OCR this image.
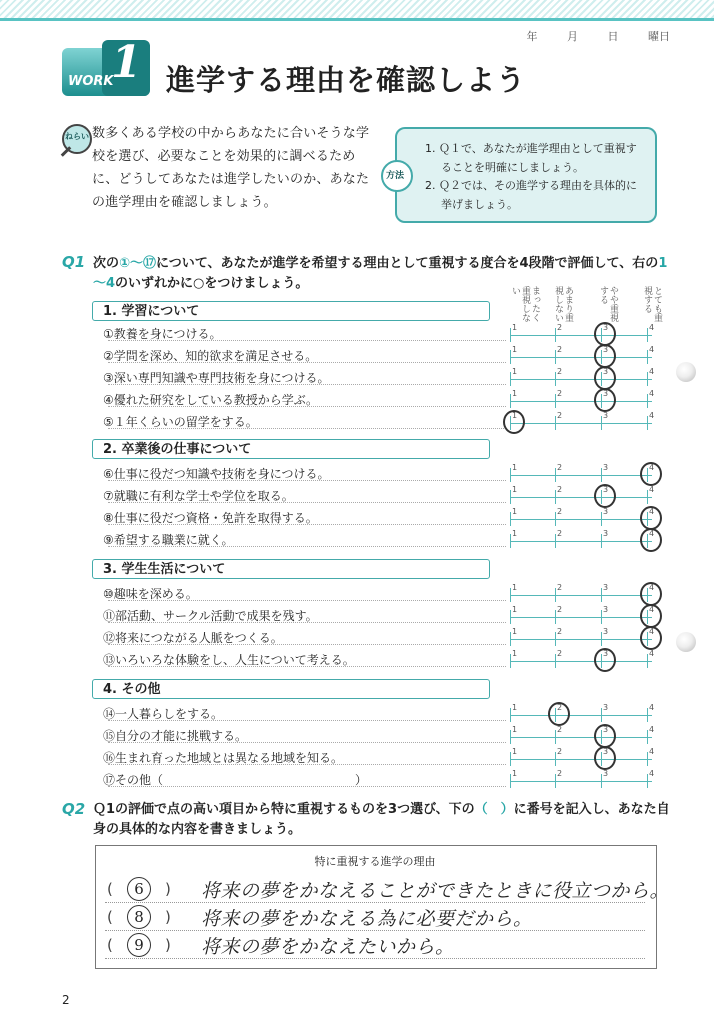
年	月	日	曜日
WORK
1 進学する理由を確認しよう
ねらい 数多くある学校の中からあなたに合いそうな学校を選び、必要なことを効果的に調べるために、どうしてあなたは進学したいのか、あなたの進学理由を確認しましょう。
方法
1. Ｑ１で、あなたが進学理由として重視することを明確にしましょう。
2. Ｑ２では、その進学する理由を具体的に挙げましょう。
Q1 次の①～⑰について、あなたが進学を希望する理由として重視する度合を4段階で評価して、右の1～4のいずれかに○をつけましょう。
まったく重視しない	あまり重視しない	やや重視する	とても重視する
1. 学習について
①教養を身につける。	1	2	3	4
②学問を深め、知的欲求を満足させる。	1	2	3	4
③深い専門知識や専門技術を身につける。	1	2	3	4
④優れた研究をしている教授から学ぶ。	1	2	3	4
⑤１年くらいの留学をする。	1	2	3	4
2. 卒業後の仕事について
⑥仕事に役だつ知識や技術を身につける。	1	2	3	4
⑦就職に有利な学士や学位を取る。	1	2	3	4
⑧仕事に役だつ資格・免許を取得する。	1	2	3	4
⑨希望する職業に就く。	1	2	3	4
3. 学生生活について
⑩趣味を深める。	1	2	3	4
⑪部活動、サークル活動で成果を残す。	1	2	3	4
⑫将来につながる人脈をつくる。	1	2	3	4
⑬いろいろな体験をし、人生について考える。	1	2	3	4
4. その他
⑭一人暮らしをする。	1	2	3	4
⑮自分の才能に挑戦する。	1	2	3	4
⑯生まれ育った地域とは異なる地域を知る。	1	2	3	4
⑰その他（　　　　　　　　　　　　　　　　）	1	2	3	4
Q2 Ｑ1の評価で点の高い項目から特に重視するものを3つ選び、下の（　）に番号を記入し、あなた自身の具体的な内容を書きましょう。
特に重視する進学の理由
(	6	) 将来の夢をかなえることができたときに役立つから。
(	8	) 将来の夢をかなえる為に必要だから。
(	9	) 将来の夢をかなえたいから。
2
